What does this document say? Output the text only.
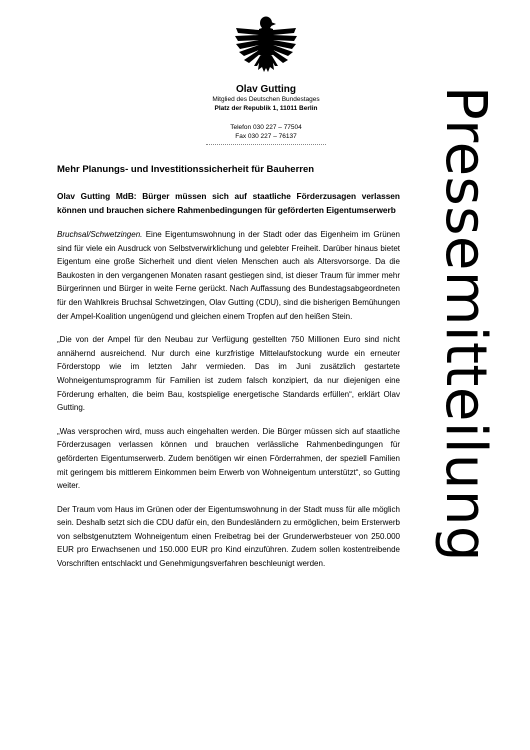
Olav Gutting
Mitglied des Deutschen Bundestages
Platz der Republik 1, 11011 Berlin
Telefon 030 227 – 77504
Fax 030 227 – 76137	Pressemitteilung
Mehr Planungs- und Investitionssicherheit für Bauherren
Olav Gutting MdB: Bürger müssen sich auf staatliche Förderzusagen verlassen können und brauchen sichere Rahmenbedingungen für geförderten Eigentumserwerb

Bruchsal/Schwetzingen. Eine Eigentumswohnung in der Stadt oder das Eigenheim im Grünen sind für viele ein Ausdruck von Selbstverwirklichung und gelebter Freiheit. Darüber hinaus bietet Eigentum eine große Sicherheit und dient vielen Menschen auch als Altersvorsorge. Da die Baukosten in den vergangenen Monaten rasant gestiegen sind, ist dieser Traum für immer mehr Bürgerinnen und Bürger in weite Ferne gerückt. Nach Auffassung des Bundestagsabgeordneten für den Wahlkreis Bruchsal Schwetzingen, Olav Gutting (CDU), sind die bisherigen Bemühungen der Ampel-Koalition ungenügend und gleichen einem Tropfen auf den heißen Stein.

„Die von der Ampel für den Neubau zur Verfügung gestellten 750 Millionen Euro sind nicht annähernd ausreichend. Nur durch eine kurzfristige Mittelaufstockung wurde ein erneuter Förderstopp wie im letzten Jahr vermieden. Das im Juni zusätzlich gestartete Wohneigentumsprogramm für Familien ist zudem falsch konzipiert, da nur diejenigen eine Förderung erhalten, die beim Bau, kostspielige energetische Standards erfüllen“, erklärt Olav Gutting.

„Was versprochen wird, muss auch eingehalten werden. Die Bürger müssen sich auf staatliche Förderzusagen verlassen können und brauchen verlässliche Rahmenbedingungen für geförderten Eigentumserwerb. Zudem benötigen wir einen Förderrahmen, der speziell Familien mit geringem bis mittlerem Einkommen beim Erwerb von Wohneigentum unterstützt“, so Gutting weiter.

Der Traum vom Haus im Grünen oder der Eigentumswohnung in der Stadt muss für alle möglich sein. Deshalb setzt sich die CDU dafür ein, den Bundesländern zu ermöglichen, beim Ersterwerb von selbstgenutztem Wohneigentum einen Freibetrag bei der Grunderwerbsteuer von 250.000 EUR pro Erwachsenen und 150.000 EUR pro Kind einzuführen. Zudem sollen kostentreibende Vorschriften entschlackt und Genehmigungsverfahren beschleunigt werden.
